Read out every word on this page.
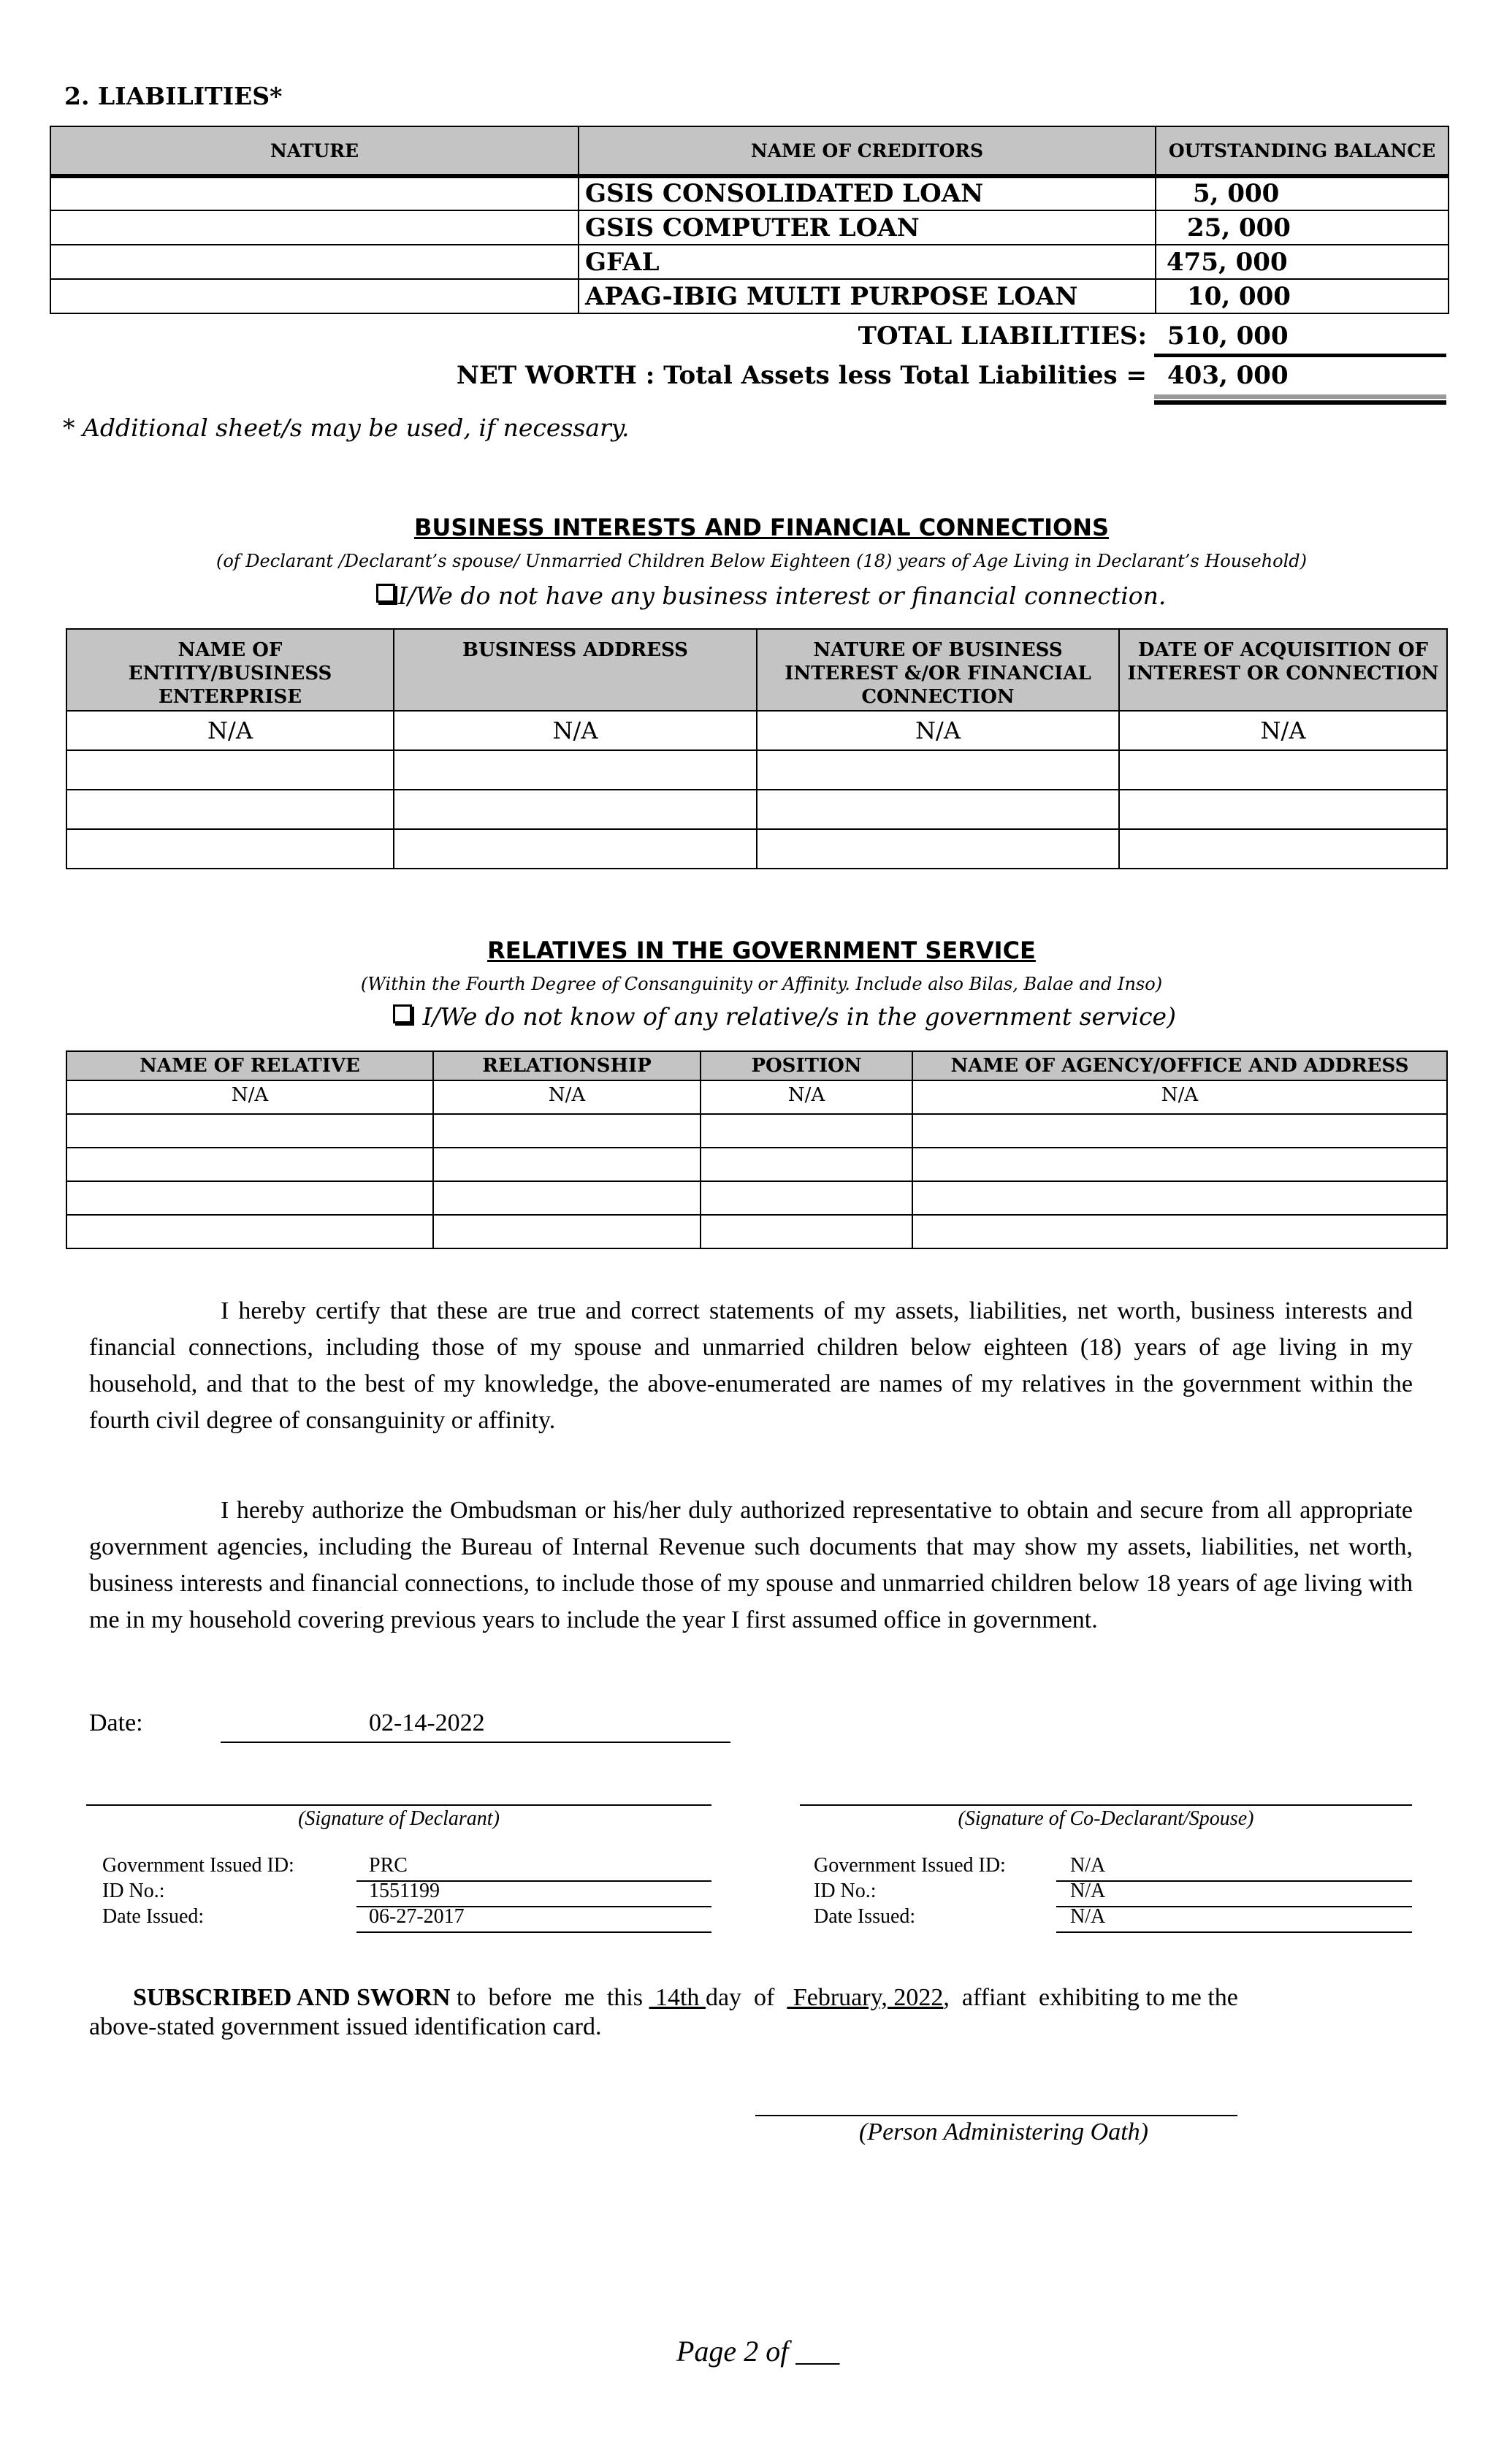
2. LIABILITIES*
NATURE	NAME OF CREDITORS	OUTSTANDING BALANCE
	GSIS CONSOLIDATED LOAN	5, 000
	GSIS COMPUTER LOAN	25, 000
	GFAL	475, 000
	APAG-IBIG MULTI PURPOSE LOAN	10, 000
TOTAL LIABILITIES: 510, 000
NET WORTH : Total Assets less Total Liabilities = 403, 000
* Additional sheet/s may be used, if necessary.
BUSINESS INTERESTS AND FINANCIAL CONNECTIONS
(of Declarant /Declarant’s spouse/ Unmarried Children Below Eighteen (18) years of Age Living in Declarant’s Household)
I/We do not have any business interest or financial connection.
NAME OF ENTITY/BUSINESS ENTERPRISE	BUSINESS ADDRESS	NATURE OF BUSINESS INTEREST &/OR FINANCIAL CONNECTION	DATE OF ACQUISITION OF INTEREST OR CONNECTION
N/A	N/A	N/A	N/A

RELATIVES IN THE GOVERNMENT SERVICE
(Within the Fourth Degree of Consanguinity or Affinity. Include also Bilas, Balae and Inso)
I/We do not know of any relative/s in the government service)
NAME OF RELATIVE	RELATIONSHIP	POSITION	NAME OF AGENCY/OFFICE AND ADDRESS
N/A	N/A	N/A	N/A

I hereby certify that these are true and correct statements of my assets, liabilities, net worth, business interests and financial connections, including those of my spouse and unmarried children below eighteen (18) years of age living in my household, and that to the best of my knowledge, the above-enumerated are names of my relatives in the government within the fourth civil degree of consanguinity or affinity.
I hereby authorize the Ombudsman or his/her duly authorized representative to obtain and secure from all appropriate government agencies, including the Bureau of Internal Revenue such documents that may show my assets, liabilities, net worth, business interests and financial connections, to include those of my spouse and unmarried children below 18 years of age living with me in my household covering previous years to include the year I first assumed office in government.
Date:	02-14-2022
(Signature of Declarant)
Government Issued ID:	PRC
ID No.:	1551199
Date Issued:	06-27-2017
(Signature of Co-Declarant/Spouse)
Government Issued ID:	N/A
ID No.:	N/A
Date Issued:	N/A
SUBSCRIBED AND SWORN to  before  me  this  14th day  of   February, 2022,  affiant  exhibiting to me the
above-stated government issued identification card.
(Person Administering Oath)
Page 2 of ___
